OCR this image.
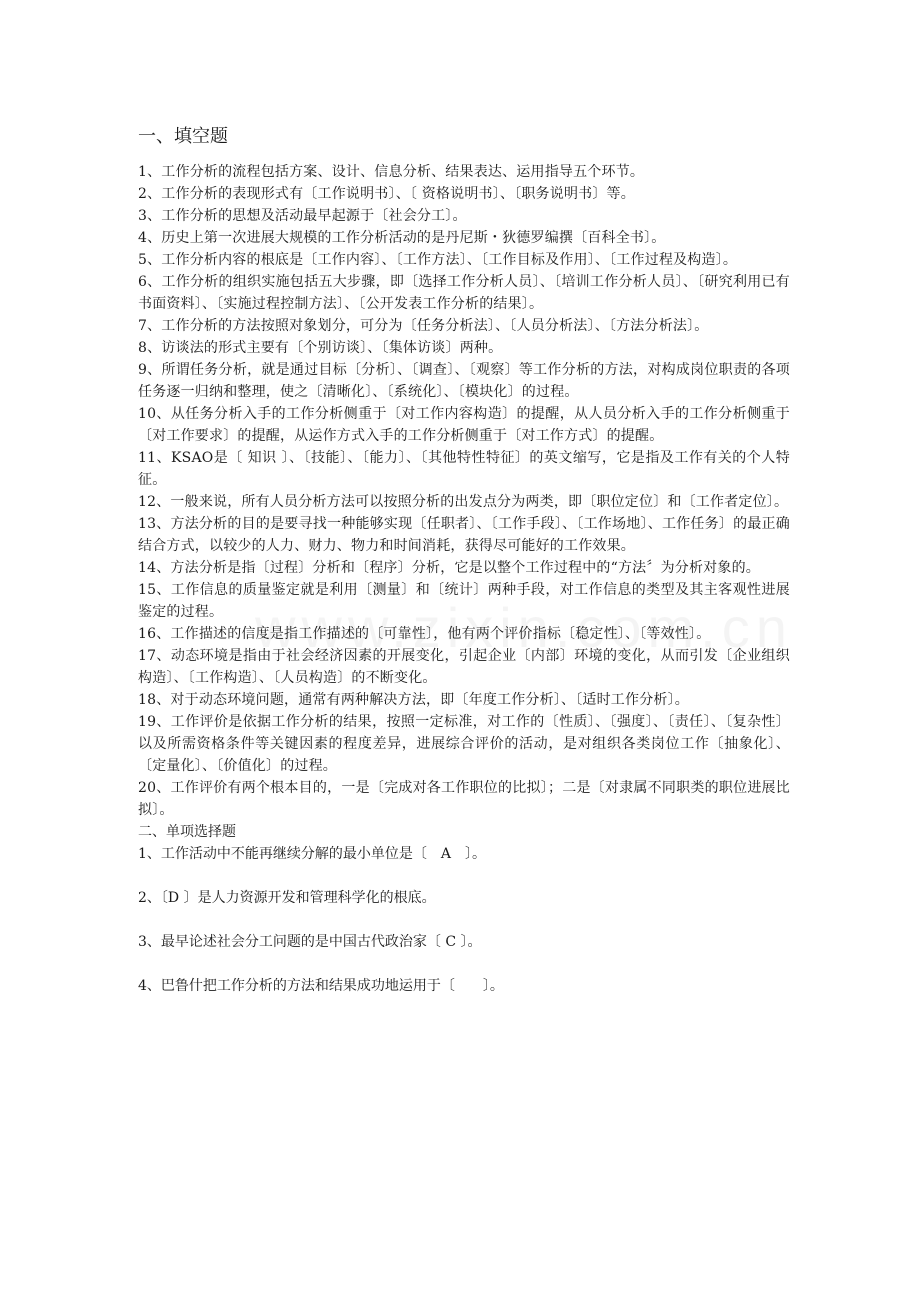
一、填空题

1、工作分析的流程包括方案、设计、信息分析、结果表达、运用指导五个环节。

2、工作分析的表现形式有〔工作说明书〕、〔 资格说明书〕、〔职务说明书〕等。

3、工作分析的思想及活动最早起源于〔社会分工〕。

4、历史上第一次进展大规模的工作分析活动的是丹尼斯・狄德罗编撰〔百科全书〕。

5、工作分析内容的根底是〔工作内容〕、〔工作方法〕、〔工作目标及作用〕、〔工作过程及构造〕。

6、工作分析的组织实施包括五大步骤，即〔选择工作分析人员〕、〔培训工作分析人员〕、〔研究利用已有书面资料〕、〔实施过程控制方法〕、〔公开发表工作分析的结果〕。

7、工作分析的方法按照对象划分，可分为〔任务分析法〕、〔人员分析法〕、〔方法分析法〕。

8、访谈法的形式主要有〔个别访谈〕、〔集体访谈〕两种。

9、所谓任务分析，就是通过目标〔分析〕、〔调查〕、〔观察〕等工作分析的方法，对构成岗位职责的各项任务逐一归纳和整理，使之〔清晰化〕、〔系统化〕、〔模块化〕的过程。

10、从任务分析入手的工作分析侧重于〔对工作内容构造〕的提醒，从人员分析入手的工作分析侧重于〔对工作要求〕的提醒，从运作方式入手的工作分析侧重于〔对工作方式〕的提醒。

11、KSAO是〔 知识 〕、〔技能〕、〔能力〕、〔其他特性特征〕的英文缩写，它是指及工作有关的个人特征。

12、一般来说，所有人员分析方法可以按照分析的出发点分为两类，即〔职位定位〕和〔工作者定位〕。

13、方法分析的目的是要寻找一种能够实现〔任职者〕、〔工作手段〕、〔工作场地〕、工作任务〕的最正确结合方式，以较少的人力、财力、物力和时间消耗，获得尽可能好的工作效果。

14、方法分析是指〔过程〕分析和〔程序〕分析，它是以整个工作过程中的“方法〞为分析对象的。

15、工作信息的质量鉴定就是利用〔测量〕和〔统计〕两种手段，对工作信息的类型及其主客观性进展鉴定的过程。

16、工作描述的信度是指工作描述的〔可靠性〕，他有两个评价指标〔稳定性〕、〔等效性〕。

17、动态环境是指由于社会经济因素的开展变化，引起企业〔内部〕环境的变化，从而引发〔企业组织构造〕、〔工作构造〕、〔人员构造〕的不断变化。

18、对于动态环境问题，通常有两种解决方法，即〔年度工作分析〕、〔适时工作分析〕。

19、工作评价是依据工作分析的结果，按照一定标准，对工作的〔性质〕、〔强度〕、〔责任〕、〔复杂性〕以及所需资格条件等关键因素的程度差异，进展综合评价的活动，是对组织各类岗位工作〔抽象化〕、〔定量化〕、〔价值化〕的过程。

20、工作评价有两个根本目的，一是〔完成对各工作职位的比拟〕；二是〔对隶属不同职类的职位进展比拟〕。

二、单项选择题

1、工作活动中不能再继续分解的最小单位是〔　A　〕。

2、〔D 〕是人力资源开发和管理科学化的根底。

3、最早论述社会分工问题的是中国古代政治家〔 C 〕。

4、巴鲁什把工作分析的方法和结果成功地运用于〔　　〕。
